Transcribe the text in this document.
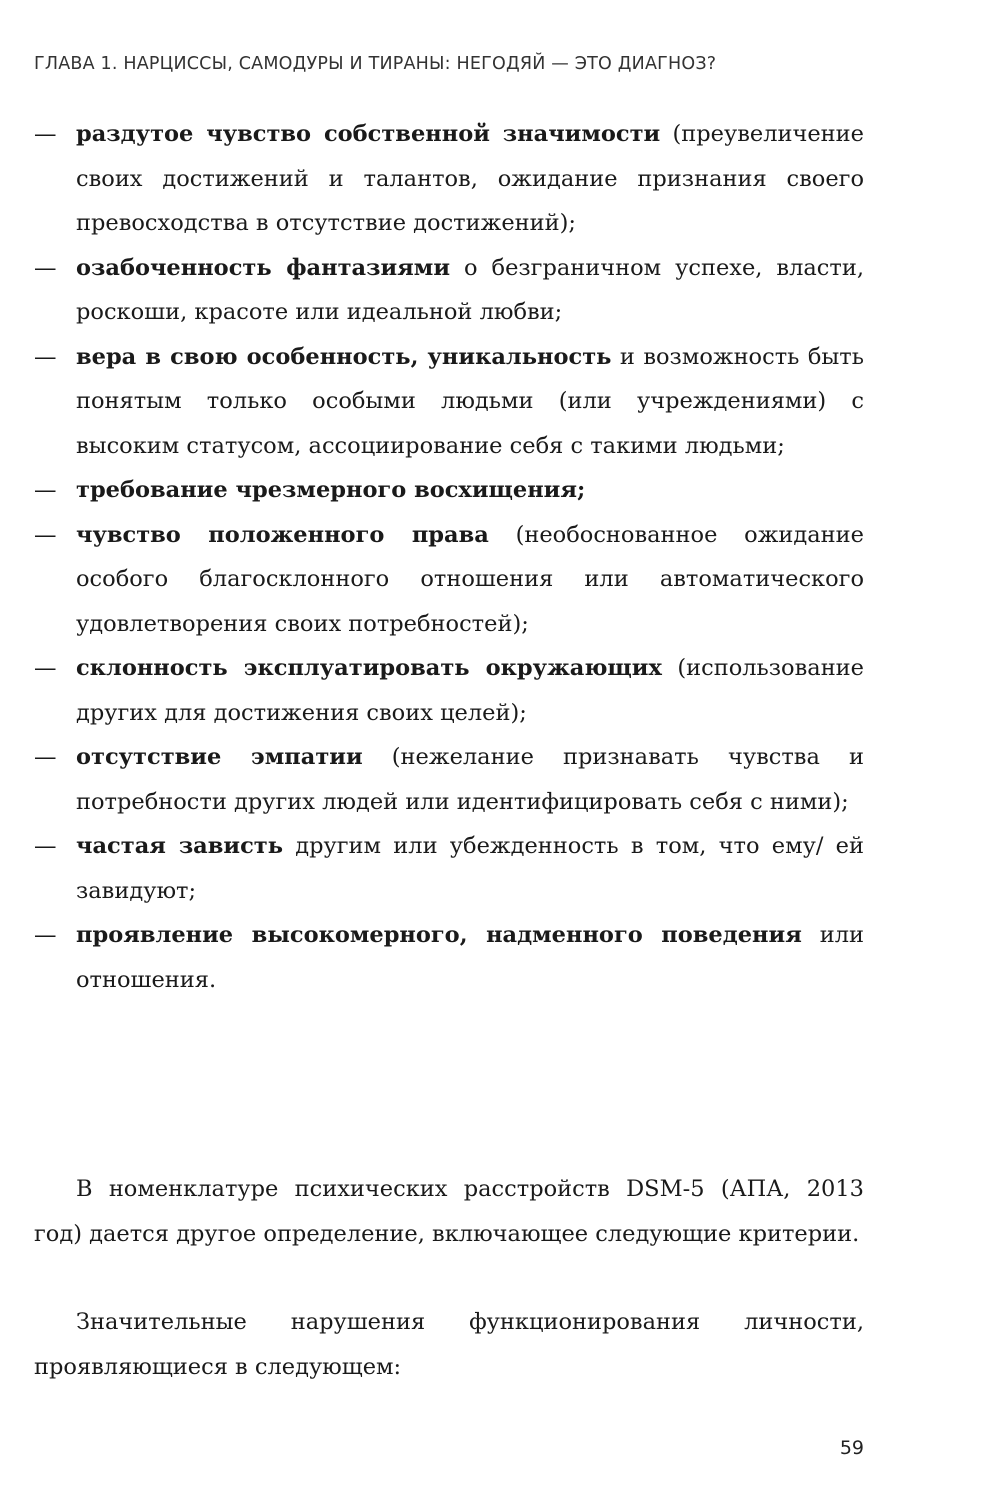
ГЛАВА 1. НАРЦИССЫ, САМОДУРЫ И ТИРАНЫ: НЕГОДЯЙ — ЭТО ДИАГНОЗ?
— раздутое чувство собственной значимости (преувеличение своих достижений и талантов, ожидание признания своего превосходства в отсутствие достижений);
— озабоченность фантазиями о безграничном успехе, власти, роскоши, красоте или идеальной любви;
— вера в свою особенность, уникальность и возможность быть понятым только особыми людьми (или учреждениями) с высоким статусом, ассоциирование себя с такими людьми;
— требование чрезмерного восхищения;
— чувство положенного права (необоснованное ожидание особого благосклонного отношения или автоматического удовлетворения своих потребностей);
— склонность эксплуатировать окружающих (использование других для достижения своих целей);
— отсутствие эмпатии (нежелание признавать чувства и потребности других людей или идентифицировать себя с ними);
— частая зависть другим или убежденность в том, что ему/ ей завидуют;
— проявление высокомерного, надменного поведения или отношения.

В номенклатуре психических расстройств DSM-5 (АПА, 2013 год) дается другое определение, включающее следующие критерии.

Значительные нарушения функционирования личности, проявляющиеся в следующем:

59
